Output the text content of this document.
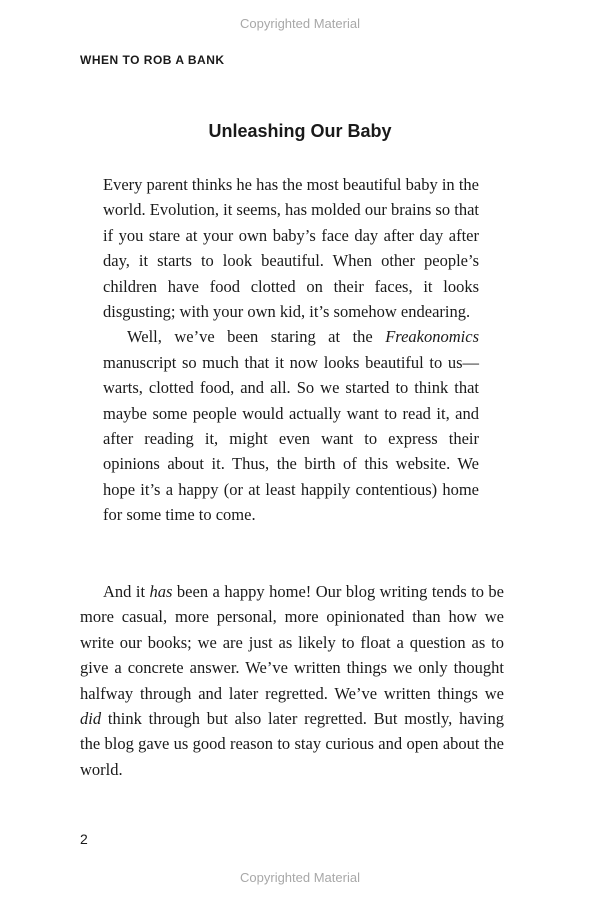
Copyrighted Material
WHEN TO ROB A BANK
Unleashing Our Baby

Every parent thinks he has the most beautiful baby in the world. Evolution, it seems, has molded our brains so that if you stare at your own baby’s face day after day after day, it starts to look beautiful. When other people’s children have food clotted on their faces, it looks disgusting; with your own kid, it’s somehow endearing.

Well, we’ve been staring at the Freakonomics manuscript so much that it now looks beautiful to us—warts, clotted food, and all. So we started to think that maybe some people would actually want to read it, and after reading it, might even want to express their opinions about it. Thus, the birth of this website. We hope it’s a happy (or at least happily contentious) home for some time to come.

And it has been a happy home! Our blog writing tends to be more casual, more personal, more opinionated than how we write our books; we are just as likely to float a question as to give a concrete answer. We’ve written things we only thought halfway through and later regretted. We’ve written things we did think through but also later regretted. But mostly, having the blog gave us good reason to stay curious and open about the world.

2
Copyrighted Material
